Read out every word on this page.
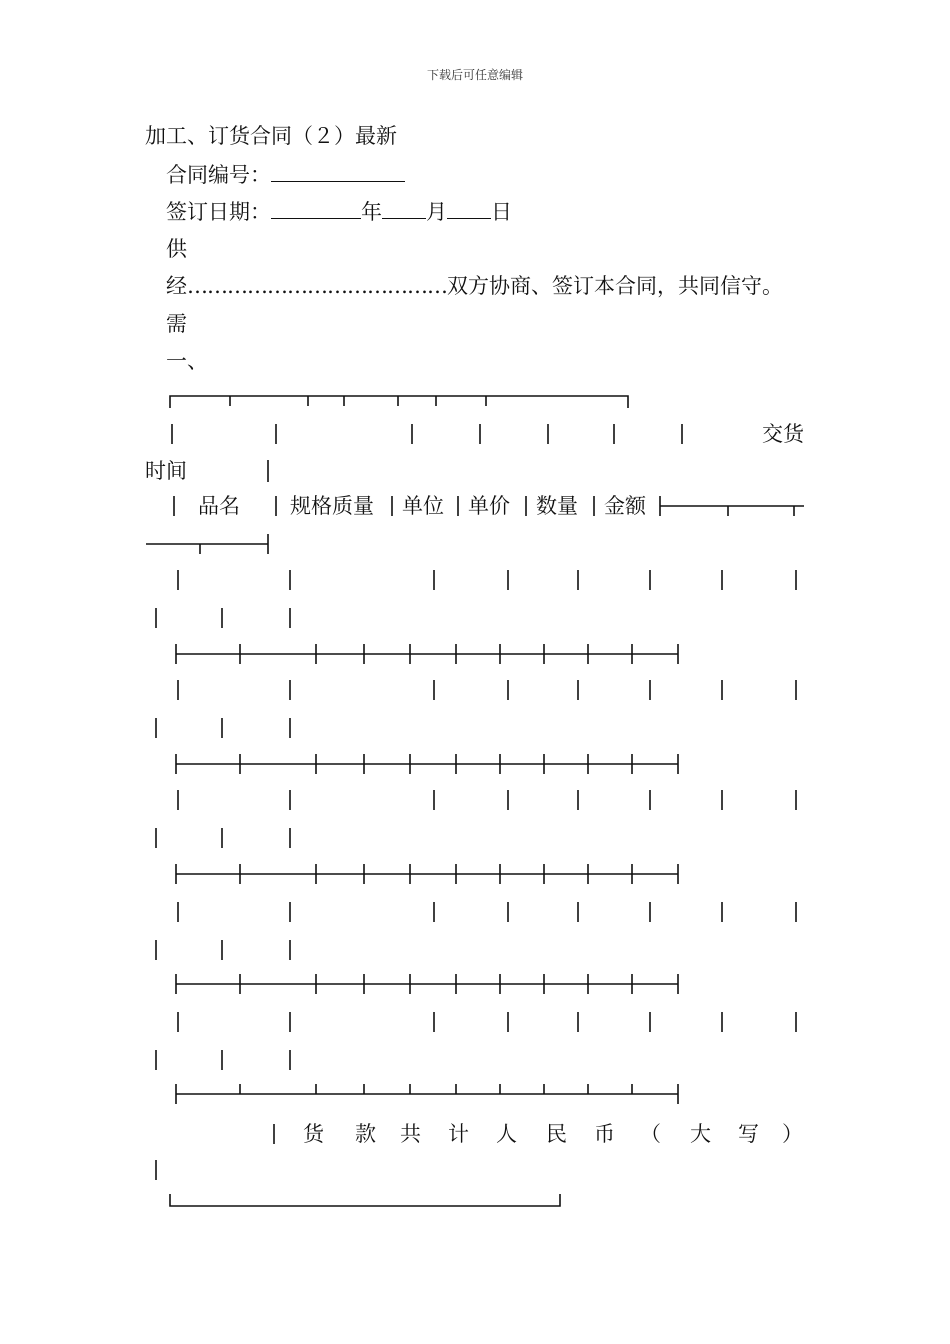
下载后可任意编辑
加工、订货合同（２）最新
合同编号：
签订日期：	年 月 日
供
经…………………………………双方协商、签订本合同，共同信守。
需
一、
交货
时间
品名 规格质量 单位 单价 数量 金额
货 款 共 计 人 民 币 （ 大 写 ）
